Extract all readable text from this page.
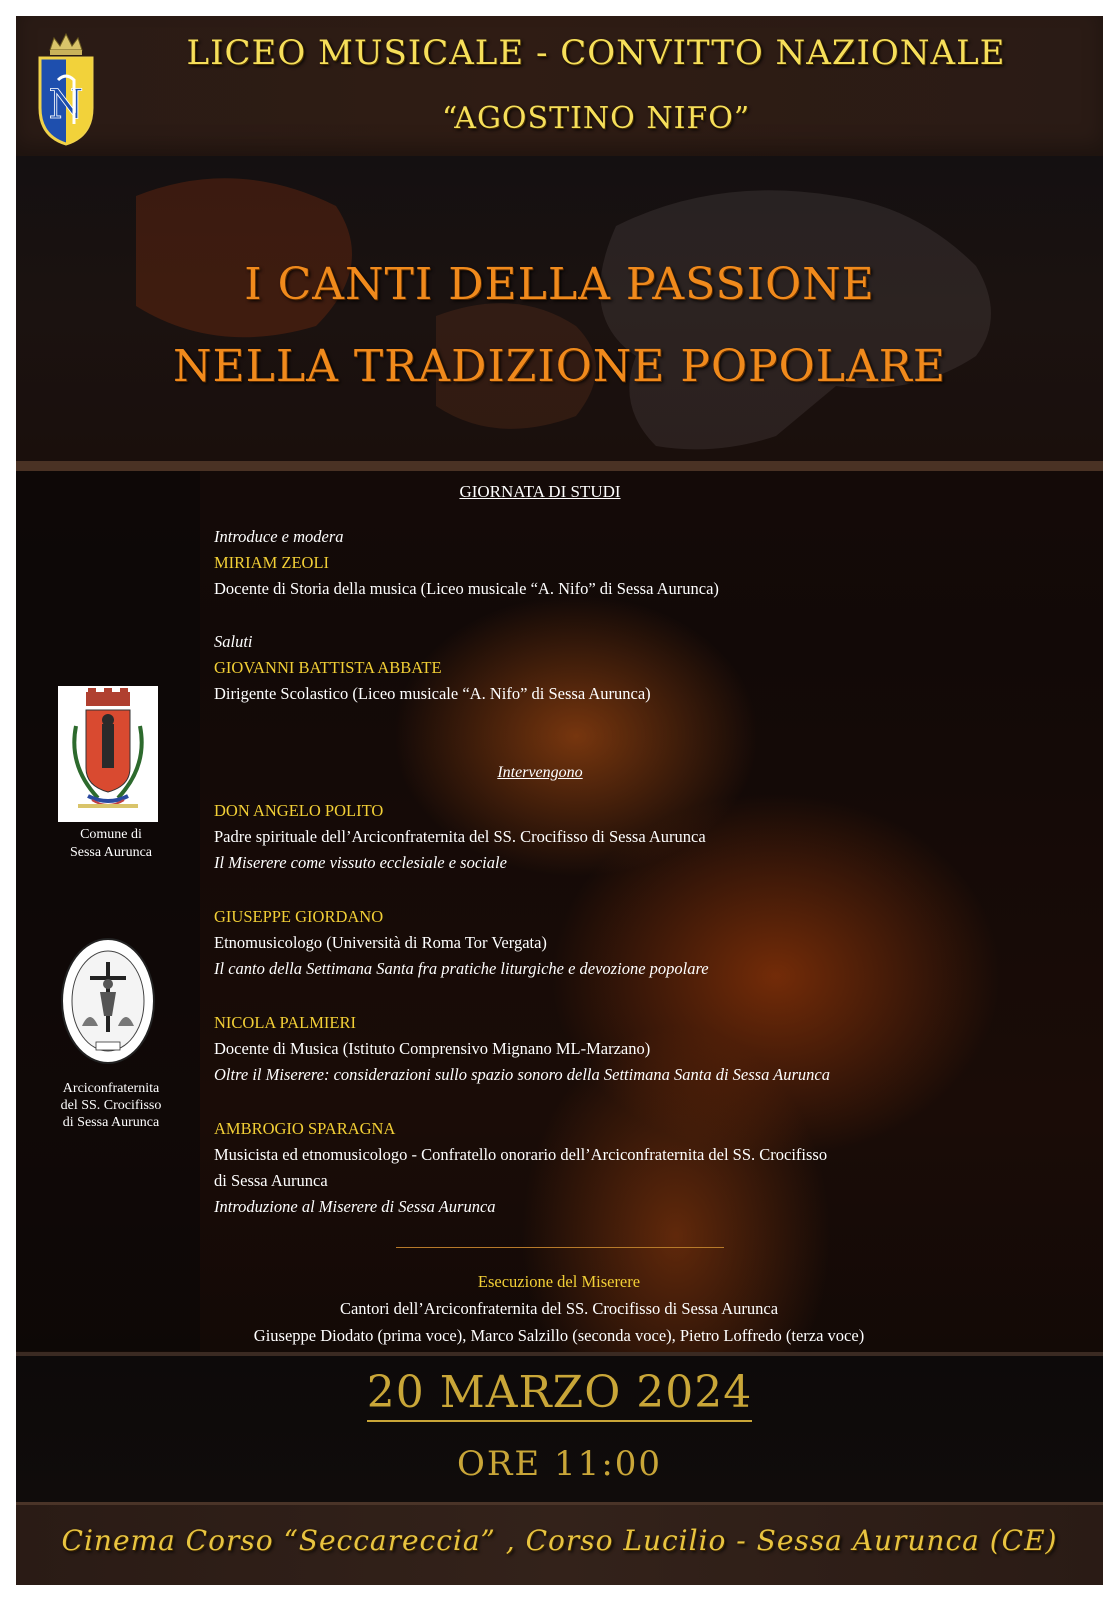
N
LICEO MUSICALE - CONVITTO NAZIONALE
“AGOSTINO NIFO”
I CANTI DELLA PASSIONE
NELLA TRADIZIONE POPOLARE
GIORNATA DI STUDI
Introduce e modera
MIRIAM ZEOLI
Docente di Storia della musica (Liceo musicale “A. Nifo” di Sessa Aurunca)
Saluti
GIOVANNI BATTISTA ABBATE
Dirigente Scolastico (Liceo musicale “A. Nifo” di Sessa Aurunca)
Intervengono
DON ANGELO POLITO
Padre spirituale dell’Arciconfraternita del SS. Crocifisso di Sessa Aurunca
Il Miserere come vissuto ecclesiale e sociale
GIUSEPPE GIORDANO
Etnomusicologo (Università di Roma Tor Vergata)
Il canto della Settimana Santa fra pratiche liturgiche e devozione popolare
NICOLA PALMIERI
Docente di Musica (Istituto Comprensivo Mignano ML-Marzano)
Oltre il Miserere: considerazioni sullo spazio sonoro della Settimana Santa di Sessa Aurunca
AMBROGIO SPARAGNA
Musicista ed etnomusicologo - Confratello onorario dell’Arciconfraternita del SS. Crocifisso
di Sessa Aurunca
Introduzione al Miserere di Sessa Aurunca
Esecuzione del Miserere
Cantori dell’Arciconfraternita del SS. Crocifisso di Sessa Aurunca
Giuseppe Diodato (prima voce), Marco Salzillo (seconda voce), Pietro Loffredo (terza voce)
Comune di
Sessa Aurunca
Arciconfraternita
del SS. Crocifisso
di Sessa Aurunca
20 MARZO 2024
ORE 11:00
Cinema Corso “Seccareccia” , Corso Lucilio - Sessa Aurunca (CE)
